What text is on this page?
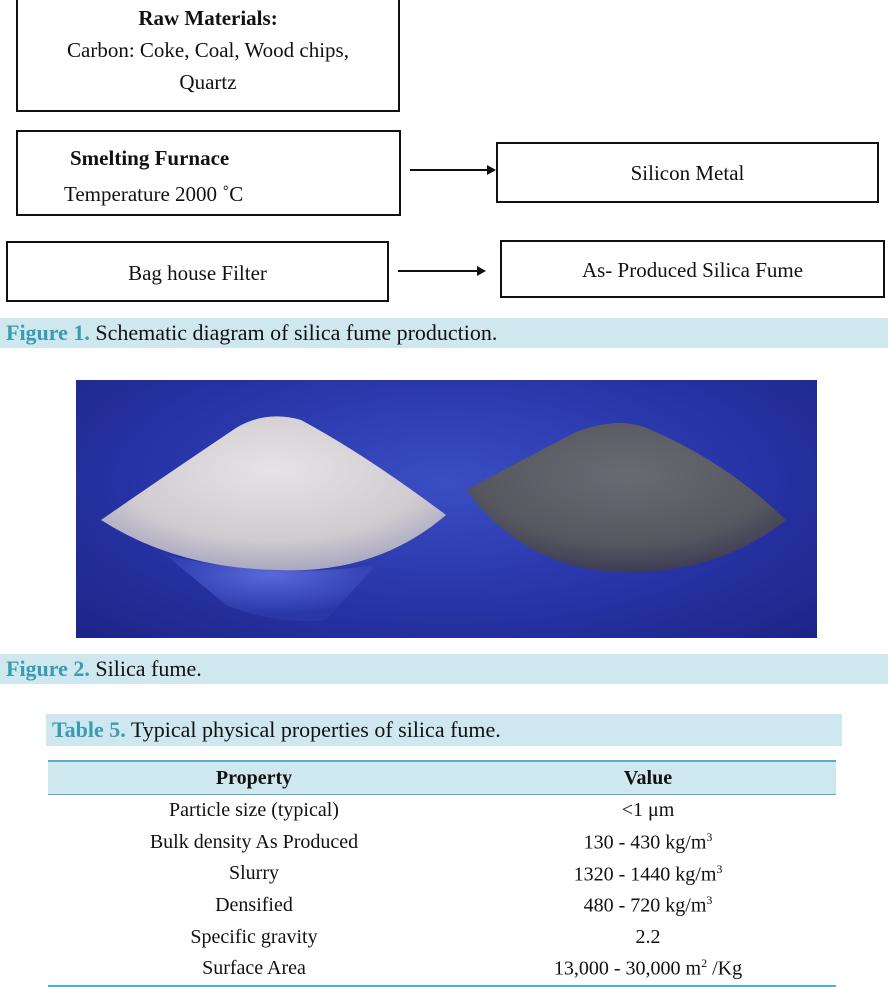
Raw Materials:
Carbon: Coke, Coal, Wood chips,
Quartz
Smelting Furnace
Temperature 2000 ˚C
Silicon Metal
Bag house Filter	As- Produced Silica Fume
Figure 1. Schematic diagram of silica fume production.
Figure 2. Silica fume.
Table 5. Typical physical properties of silica fume.
Property	Value
Particle size (typical)	<1 μm
Bulk density As Produced	130 - 430 $kg/m^3$
Slurry	1320 - 1440 $kg/m^3$
Densified	480 - 720 $kg/m^3$
Specific gravity	2.2
Surface Area	13,000 - 30,000 $m^2$ /Kg
